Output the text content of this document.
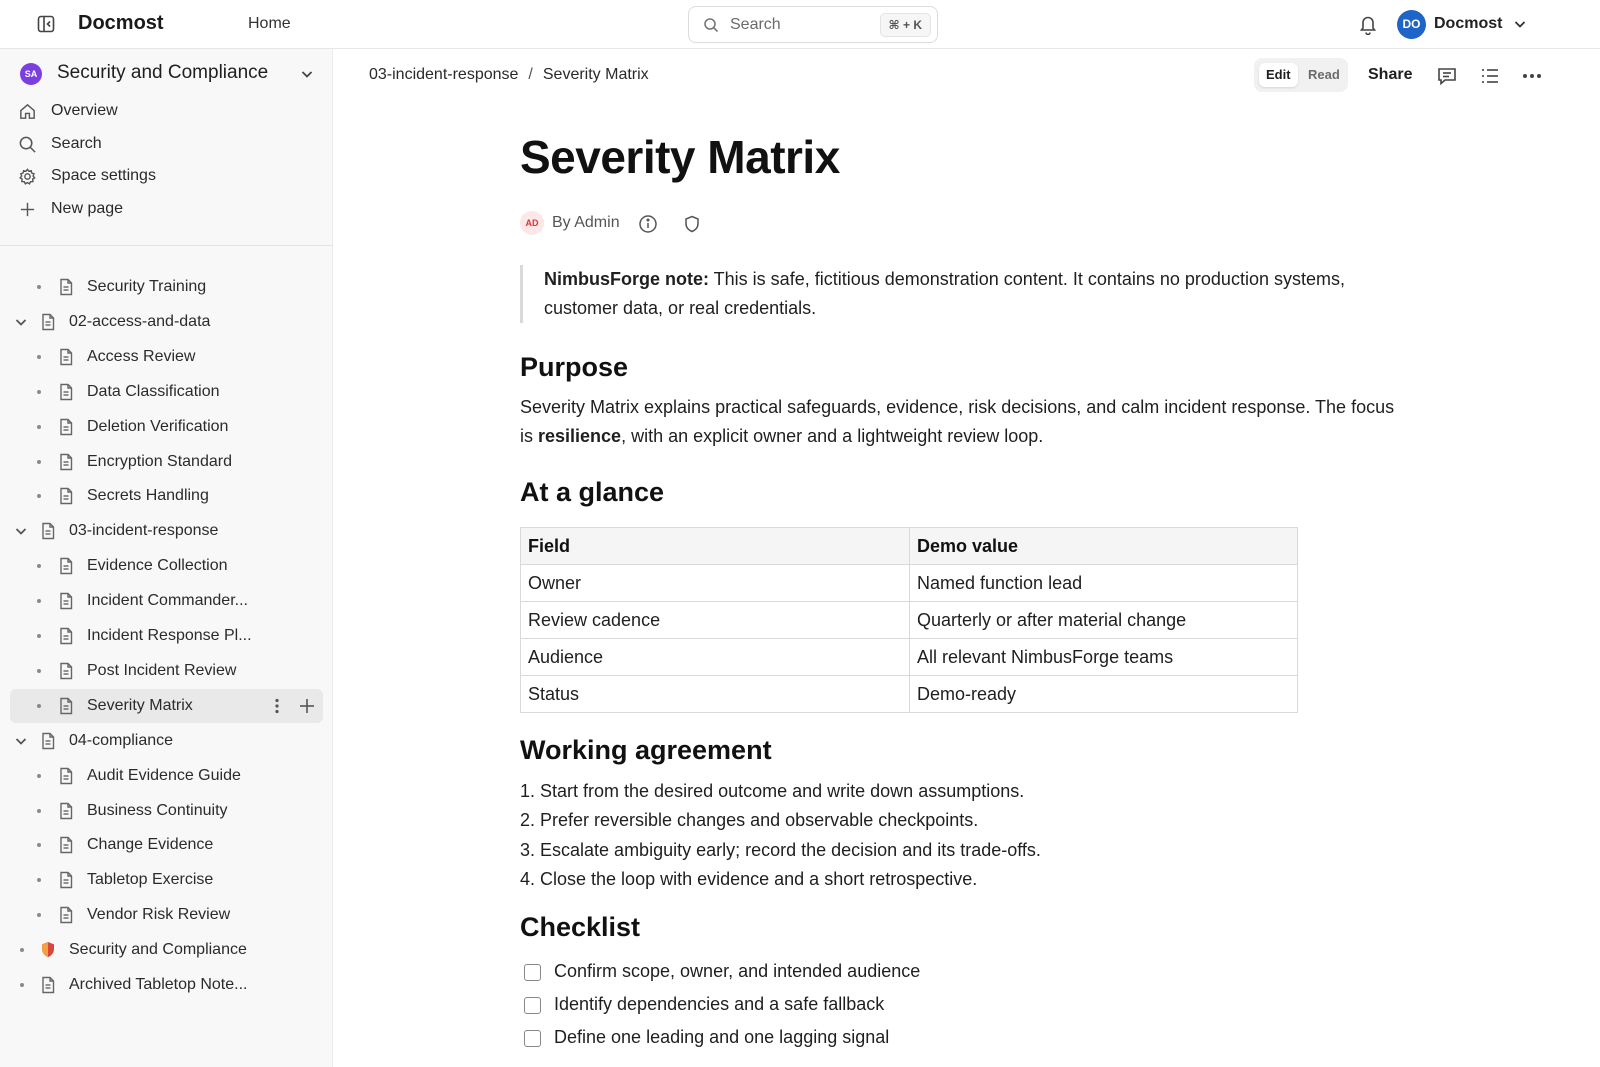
Docmost	Home	Search	⌘ + K	DO Docmost
SA Security and Compliance
Overview
Search
Space settings
New page
Security Training
02-access-and-data
Access Review
Data Classification
Deletion Verification
Encryption Standard
Secrets Handling
03-incident-response
Evidence Collection
Incident Commander...
Incident Response Pl...
Post Incident Review
Severity Matrix
04-compliance
Audit Evidence Guide
Business Continuity
Change Evidence
Tabletop Exercise
Vendor Risk Review
Security and Compliance
Archived Tabletop Note...
03-incident-response / Severity Matrix	Edit	Read	Share
Severity Matrix
AD By Admin
NimbusForge note: This is safe, fictitious demonstration content. It contains no production systems, customer data, or real credentials.
Purpose

Severity Matrix explains practical safeguards, evidence, risk decisions, and calm incident response. The focus is resilience, with an explicit owner and a lightweight review loop.

At a glance
Field	Demo value
Owner	Named function lead
Review cadence	Quarterly or after material change
Audience	All relevant NimbusForge teams
Status	Demo-ready
Working agreement
1. Start from the desired outcome and write down assumptions.
2. Prefer reversible changes and observable checkpoints.
3. Escalate ambiguity early; record the decision and its trade-offs.
4. Close the loop with evidence and a short retrospective.
Checklist
Confirm scope, owner, and intended audience
Identify dependencies and a safe fallback
Define one leading and one lagging signal
